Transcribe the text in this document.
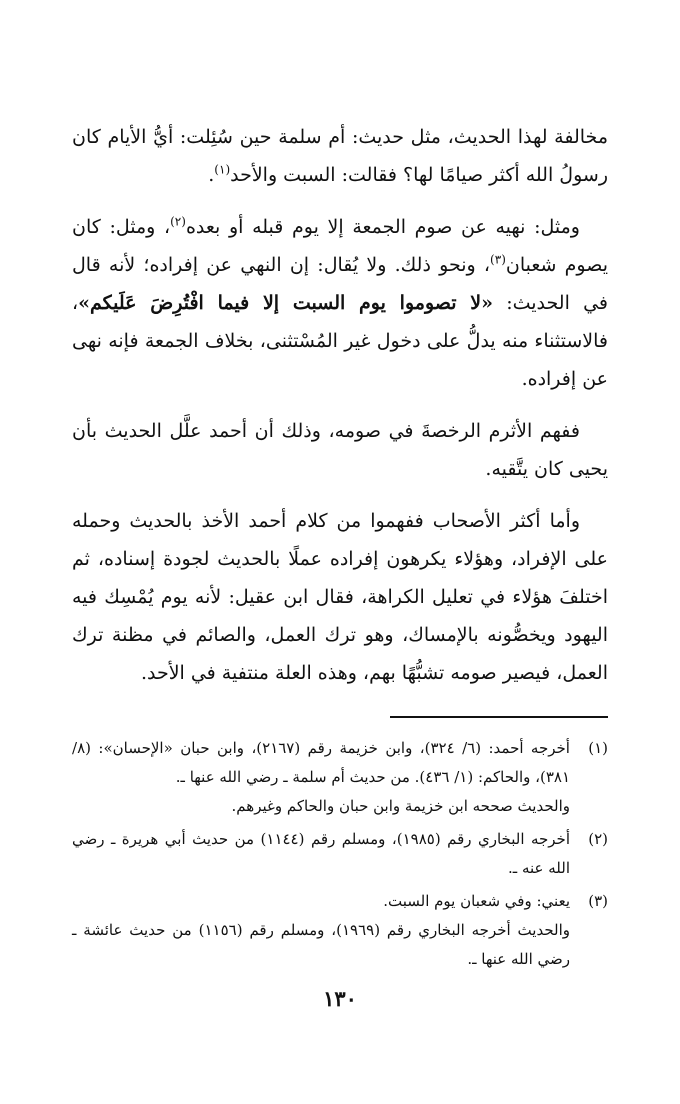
مخالفة لهذا الحديث، مثل حديث: أم سلمة حين سُئِلت: أيُّ الأيام كان رسولُ الله أكثر صيامًا لها؟ فقالت: السبت والأحد$^{(١)}$.

ومثل: نهيه عن صوم الجمعة إلا يوم قبله أو بعده$^{(٢)}$، ومثل: كان يصوم شعبان$^{(٣)}$، ونحو ذلك. ولا يُقال: إن النهي عن إفراده؛ لأنه قال في الحديث: «لا تصوموا يوم السبت إلا فيما افْتُرِضَ عَلَيكم»، فالاستثناء منه يدلُّ على دخول غير المُسْتثنى، بخلاف الجمعة فإنه نهى عن إفراده.

ففهم الأثرم الرخصةَ في صومه، وذلك أن أحمد علَّل الحديث بأن يحيى كان يتَّقيه.

وأما أكثر الأصحاب ففهموا من كلام أحمد الأخذ بالحديث وحمله على الإفراد، وهؤلاء يكرهون إفراده عملًا بالحديث لجودة إسناده، ثم اختلفَ هؤلاء في تعليل الكراهة، فقال ابن عقيل: لأنه يوم يُمْسِك فيه اليهود ويخصُّونه بالإمساك، وهو ترك العمل، والصائم في مظنة ترك العمل، فيصير صومه تشبُّهًا بهم، وهذه العلة منتفية في الأحد.

(١)
أخرجه أحمد: (٦/ ٣٢٤)، وابن خزيمة رقم (٢١٦٧)، وابن حبان «الإحسان»: (٨/ ٣٨١)، والحاكم: (١/ ٤٣٦). من حديث أم سلمة ـ رضي الله عنها ـ.
والحديث صححه ابن خزيمة وابن حبان والحاكم وغيرهم.
(٢)
أخرجه البخاري رقم (١٩٨٥)، ومسلم رقم (١١٤٤) من حديث أبي هريرة ـ رضي الله عنه ـ.
(٣)
يعني: وفي شعبان يوم السبت.
والحديث أخرجه البخاري رقم (١٩٦٩)، ومسلم رقم (١١٥٦) من حديث عائشة ـ رضي الله عنها ـ.
١٣٠
